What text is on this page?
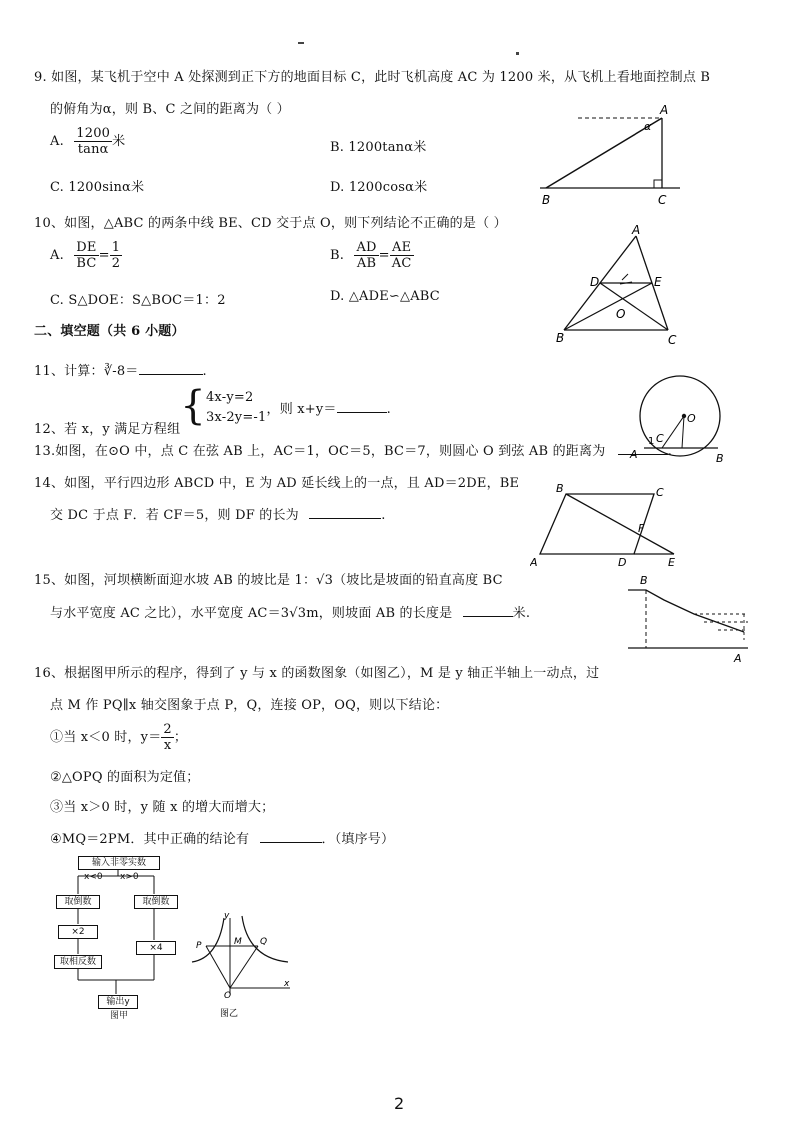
9. 如图，某飞机于空中 A 处探测到正下方的地面目标 C，此时飞机高度 AC 为 1200 米，从飞机上看地面控制点 B
的俯角为α，则 B、C 之间的距离为（ ）
A. $\frac{1200}{\tan\alpha}$ 米	B. 1200tanα米
C. 1200sinα米	D. 1200cosα米
A
α
B	C
10、如图，△ABC 的两条中线 BE、CD 交于点 O，则下列结论不正确的是（ ）
A. $\frac{DE}{BC} = \frac{1}{2}$	B. $\frac{AD}{AB} = \frac{AE}{AC}$
C. S△DOE：S△BOC＝1：2	D. △ADE∽△ABC
A
D	E
O
B	C
二、填空题（共 6 小题）
11、计算：∛-8＝	.
12、若 x，y 满足方程组{ 4x-y=2
3x-2y=-1
，则 x+y＝	.
13.如图，在⊙O 中，点 C 在弦 AB 上，AC＝1，OC＝5，BC＝7，则圆心 O 到弦 AB 的距离为	.
O
1 C
A	B
14、如图，平行四边形 ABCD 中，E 为 AD 延长线上的一点，且 AD＝2DE，BE
交 DC 于点 F．若 CF＝5，则 DF 的长为	.
B	C
F
A	D	E
15、如图，河坝横断面迎水坡 AB 的坡比是 1：√3（坡比是坡面的铅直高度 BC
与水平宽度 AC 之比），水平宽度 AC＝3√3m，则坡面 AB 的长度是	米.
B
A
16、根据图甲所示的程序，得到了 y 与 x 的函数图象（如图乙），M 是 y 轴正半轴上一动点，过
点 M 作 PQ∥x 轴交图象于点 P，Q，连接 OP，OQ，则以下结论：
①当 x＜0 时，$y= \frac{2}{x}$ ；
②△OPQ 的面积为定值；
③当 x＞0 时，y 随 x 的增大而增大；
④MQ＝2PM．其中正确的结论有	．（填序号）
输入非零实数
x<0 x>0
取倒数	取倒数
×2
×4
取相反数
输出y
图甲
y
x
O
P	M Q
图乙
2
